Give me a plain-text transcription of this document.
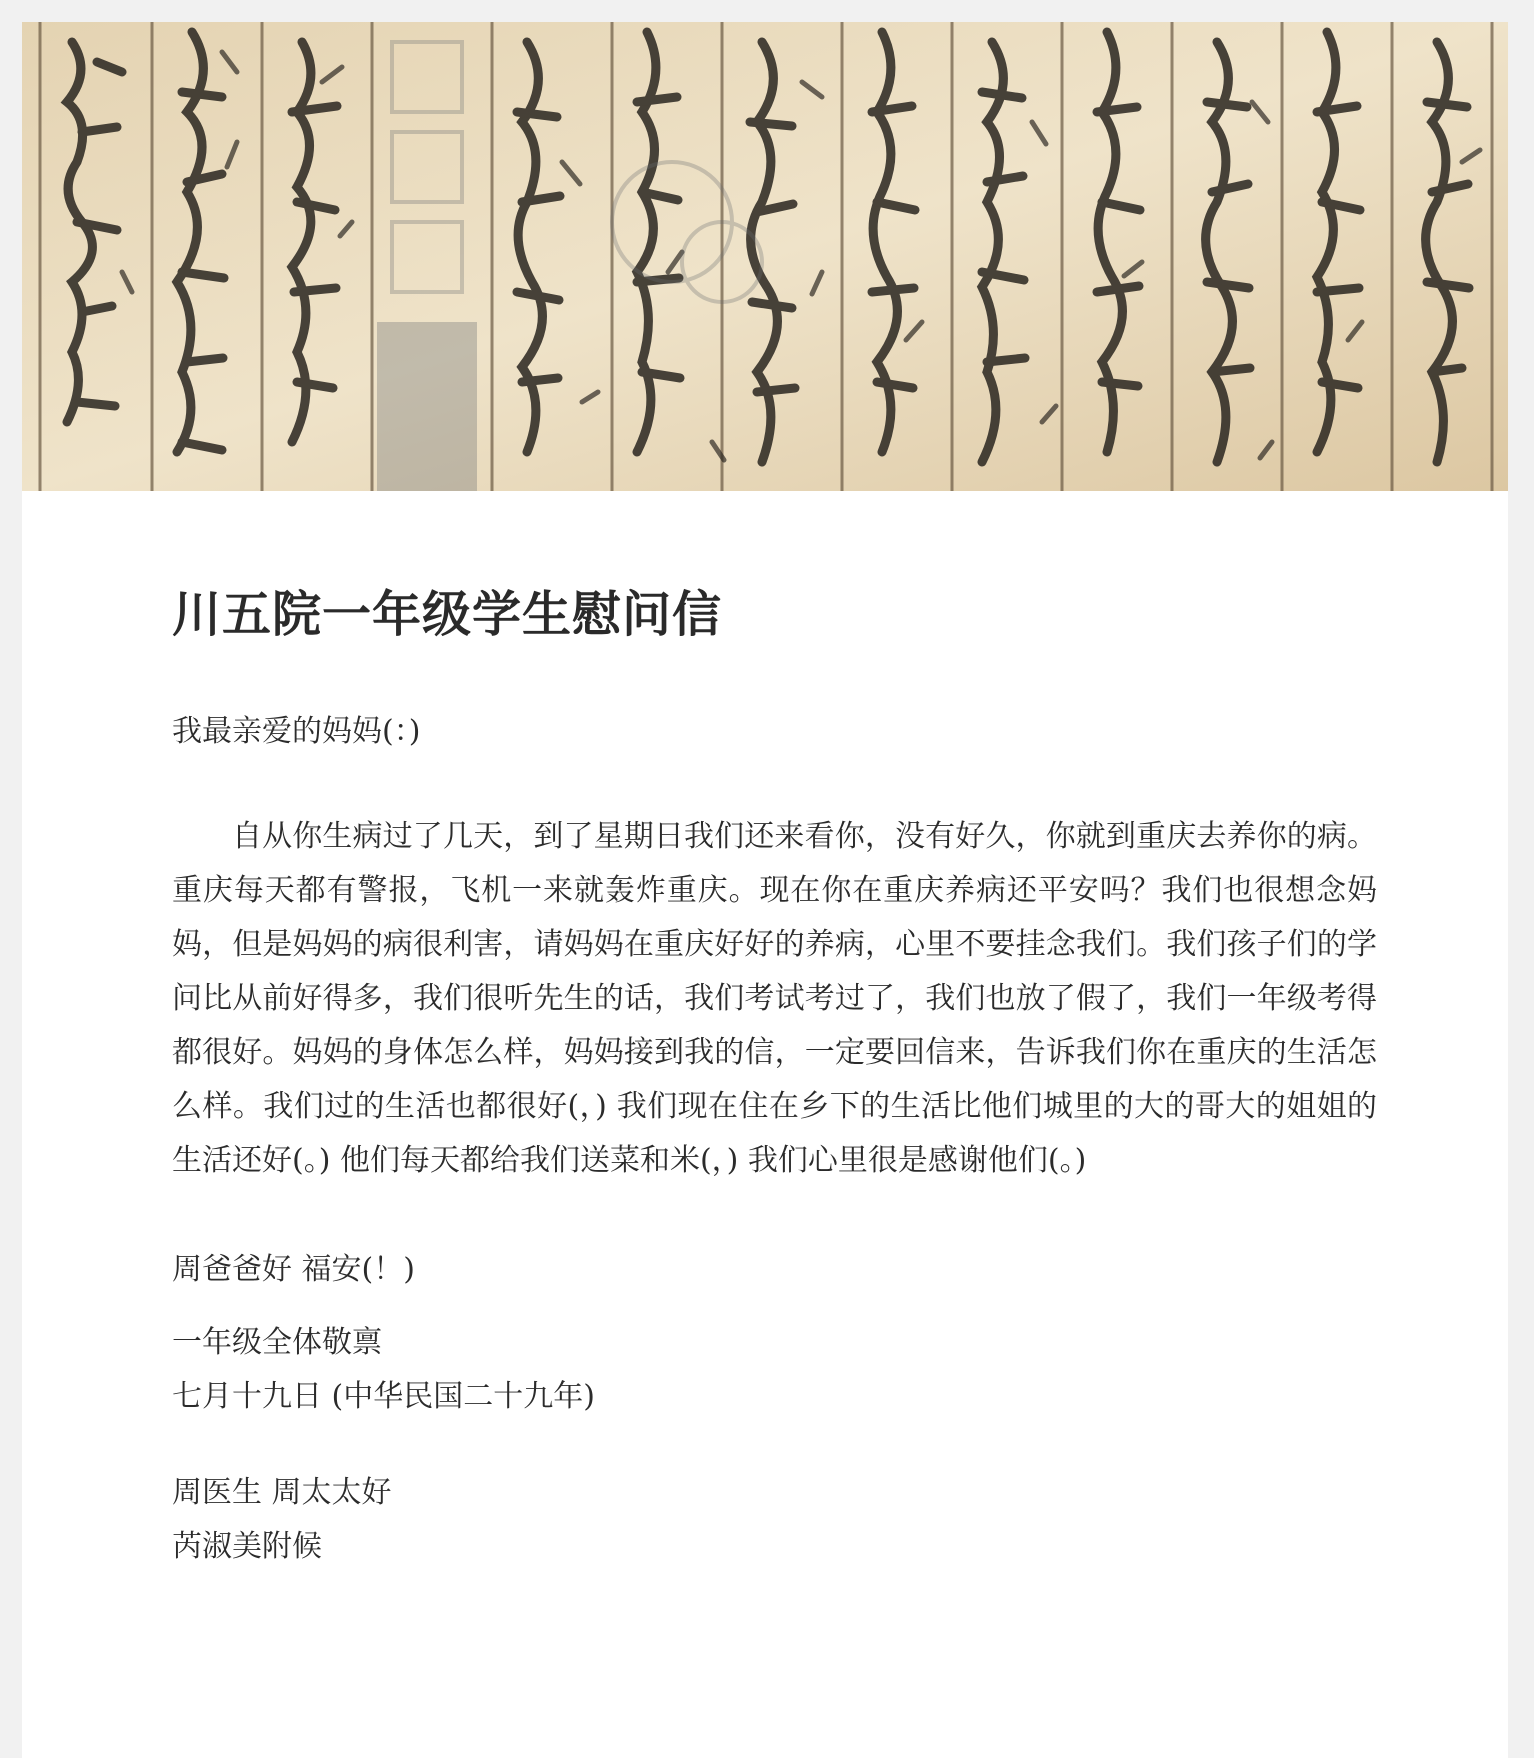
川五院一年级学生慰问信
我最亲爱的妈妈(：)
自从你生病过了几天，到了星期日我们还来看你，没有好久，你就到重庆去养你的病。重庆每天都有警报，飞机一来就轰炸重庆。现在你在重庆养病还平安吗？我们也很想念妈妈，但是妈妈的病很利害，请妈妈在重庆好好的养病，心里不要挂念我们。我们孩子们的学问比从前好得多，我们很听先生的话，我们考试考过了，我们也放了假了，我们一年级考得都很好。妈妈的身体怎么样，妈妈接到我的信，一定要回信来，告诉我们你在重庆的生活怎么样。我们过的生活也都很好(，) 我们现在住在乡下的生活比他们城里的大的哥大的姐姐的生活还好(。) 他们每天都给我们送菜和米(，) 我们心里很是感谢他们(。)
周爸爸好 福安(！)
一年级全体敬禀
七月十九日 (中华民国二十九年)
周医生 周太太好
芮淑美附候
